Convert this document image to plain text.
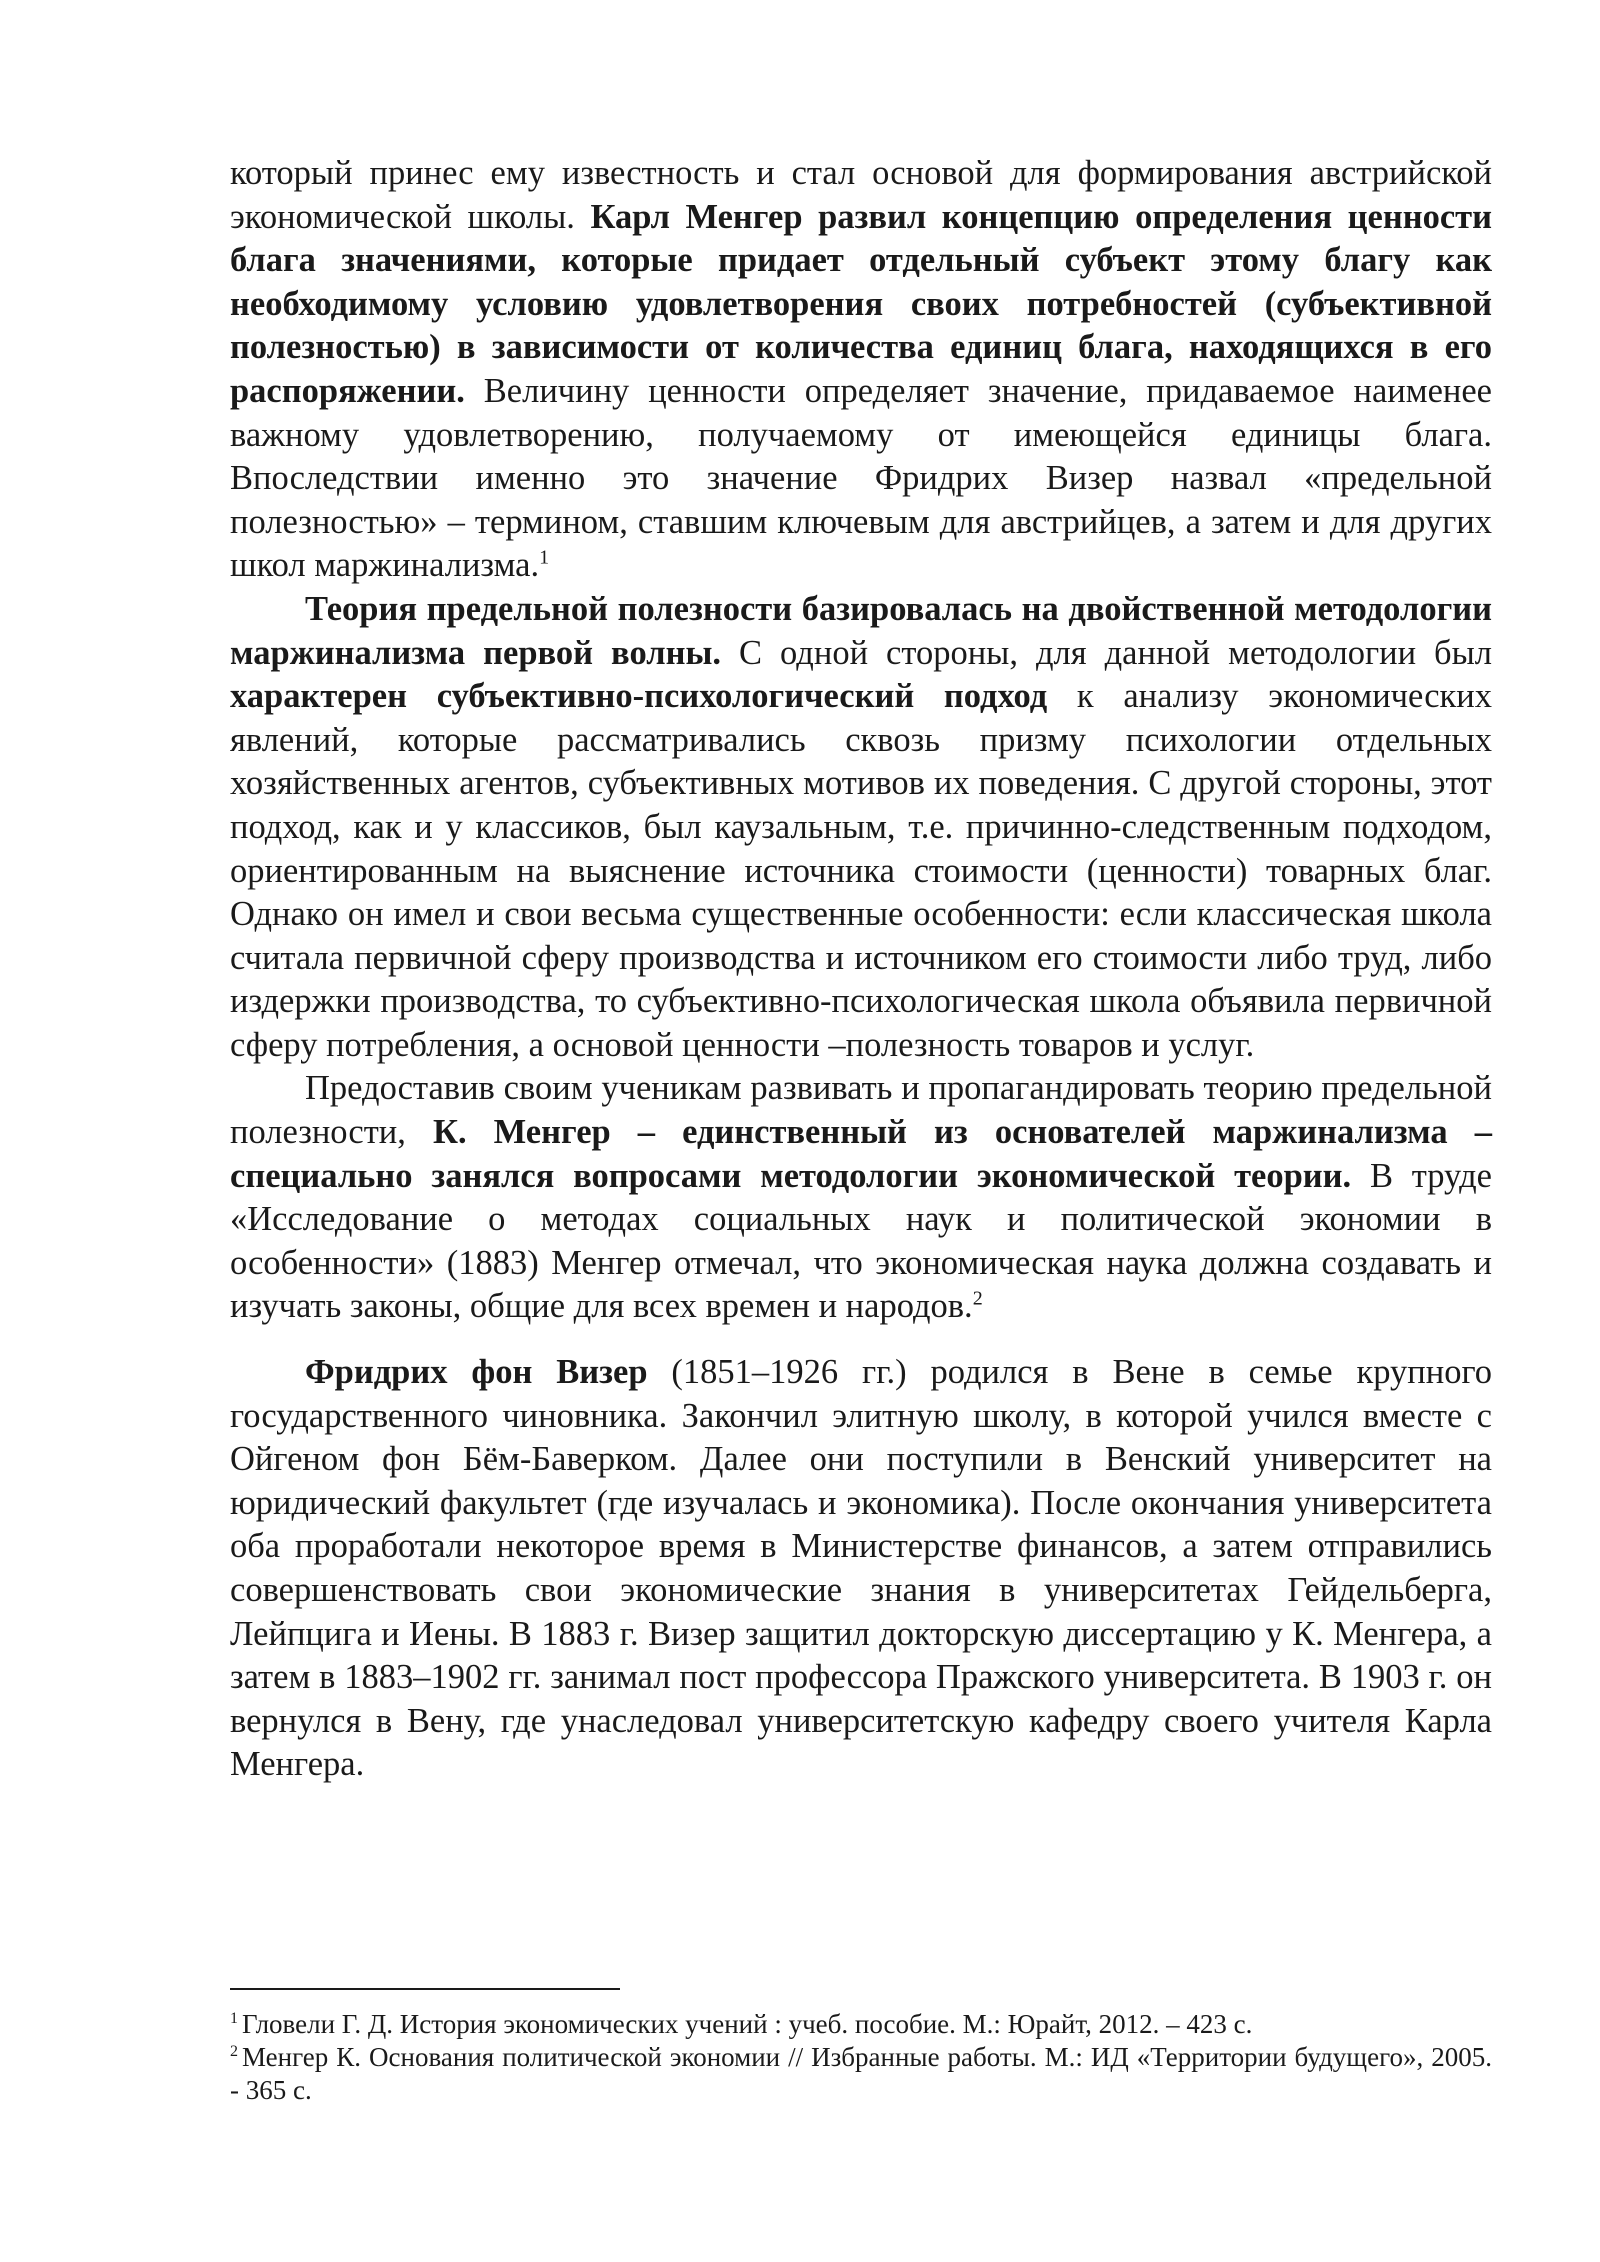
который принес ему известность и стал основой для формирования австрийской экономической школы. Карл Менгер развил концепцию определения ценности блага значениями, которые придает отдельный субъект этому благу как необходимому условию удовлетворения своих потребностей (субъективной полезностью) в зависимости от количества единиц блага, находящихся в его распоряжении. Величину ценности определяет значение, придаваемое наименее важному удовлетворению, получаемому от имеющейся единицы блага. Впоследствии именно это значение Фридрих Визер назвал «предельной полезностью» – термином, ставшим ключевым для австрийцев, а затем и для других школ маржинализма.$^1$

Теория предельной полезности базировалась на двойственной методологии маржинализма первой волны. С одной стороны, для данной методологии был характерен субъективно-психологический подход к анализу экономических явлений, которые рассматривались сквозь призму психологии отдельных хозяйственных агентов, субъективных мотивов их поведения. С другой стороны, этот подход, как и у классиков, был каузальным, т.е. причинно-следственным подходом, ориентированным на выяснение источника стоимости (ценности) товарных благ. Однако он имел и свои весьма существенные особенности: если классическая школа считала первичной сферу производства и источником его стоимости либо труд, либо издержки производства, то субъективно-психологическая школа объявила первичной сферу потребления, а основой ценности –полезность товаров и услуг.

Предоставив своим ученикам развивать и пропагандировать теорию предельной полезности, К. Менгер – единственный из основателей маржинализма – специально занялся вопросами методологии экономической теории. В труде «Исследование о методах социальных наук и политической экономии в особенности» (1883) Менгер отмечал, что экономическая наука должна создавать и изучать законы, общие для всех времен и народов.$^2$

Фридрих фон Визер (1851–1926 гг.) родился в Вене в семье крупного государственного чиновника. Закончил элитную школу, в которой учился вместе с Ойгеном фон Бём-Баверком. Далее они поступили в Венский университет на юридический факультет (где изучалась и экономика). После окончания университета оба проработали некоторое время в Министерстве финансов, а затем отправились совершенствовать свои экономические знания в университетах Гейдельберга, Лейпцига и Иены. В 1883 г. Визер защитил докторскую диссертацию у К. Менгера, а затем в 1883–1902 гг. занимал пост профессора Пражского университета. В 1903 г. он вернулся в Вену, где унаследовал университетскую кафедру своего учителя Карла Менгера.

$^1$ Гловели Г. Д. История экономических учений : учеб. пособие. М.: Юрайт, 2012. – 423 с.

$^2$ Менгер К. Основания политической экономии // Избранные работы. М.: ИД «Территории будущего», 2005. - 365 с.
